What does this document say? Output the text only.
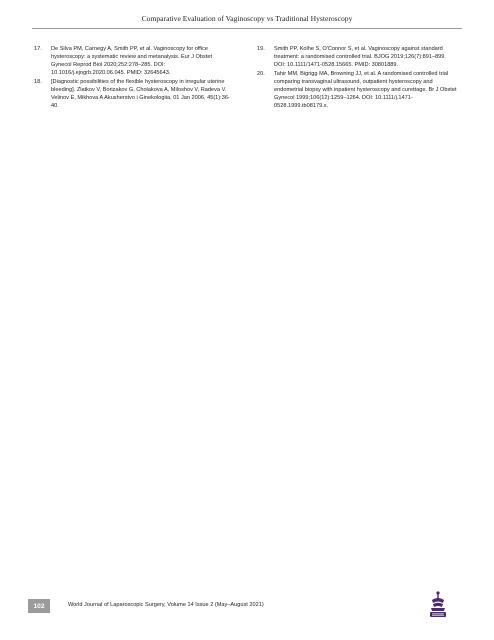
Comparative Evaluation of Vaginoscopy vs Traditional Hysteroscopy
17. De Silva PM, Carnegy A, Smith PP, et al. Vaginoscopy for office hysteroscopy: a systematic review and metanalysis. Eur J Obstet Gynecol Reprod Biol 2020;252:278–285. DOI: 10.1016/j.ejogrb.2020.06.045. PMID: 32645643.
18. [Diagnostic possibilities of the flexible hysteroscopy in irregular uterine bleeding]. Zlatkov V, Borizakov G, Cholakova A, Miloshov V, Radeva V. Velinov E, Mikhova A Akusherstvo i Ginekologiia, 01 Jan 2006, 45(1):36-40.
19. Smith PP, Kolhe S, O'Connor S, et al. Vaginoscopy against standard treatment: a randomised controlled trial. BJOG 2019;126(7):891–899. DOI: 10.1111/1471-0528.15665. PMID: 30801889.
20. Tahir MM, Bigrigg MA, Browning JJ, et al. A randomised controlled trial comparing transvaginal ultrasound, outpatient hysteroscopy and endometrial biopsy with inpatient hysteroscopy and curettage. Br J Obstet Gynecol 1999;106(12):1259–1264. DOI: 10.1111/j.1471-0528.1999.tb08179.x.
102	World Journal of Laparoscopic Surgery, Volume 14 Issue 2 (May–August 2021)
